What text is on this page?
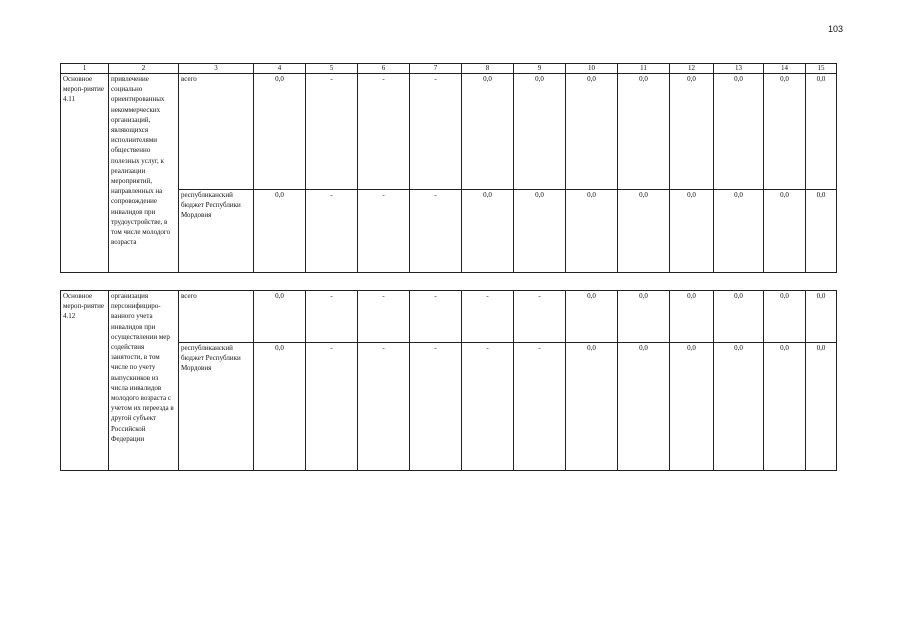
103
1	2	3	4	5	6	7	8	9	10	11	12	13	14	15
Основное мероп-риятие 4.11	привлечение социально ориентированных некоммерческих организаций, являющихся исполнителями общественно полезных услуг, к реализации мероприятий, направленных на сопровождение инвалидов при трудоустройстве, в том числе молодого возраста	всего	0,0	-	-	-	0,0	0,0	0,0	0,0	0,0	0,0	0,0	0,0
		республиканский бюджет Республики Мордовия	0,0	-	-	-	0,0	0,0	0,0	0,0	0,0	0,0	0,0	0,0

Основное мероп-риятие 4.12	организация персонифициро-ванного учета инвалидов при осуществлении мер содействия занятости, в том числе по учету выпускников из числа инвалидов молодого возраста с учетом их переезда в другой субъект Российской Федерации	всего	0,0	-	-	-	-	-	0,0	0,0	0,0	0,0	0,0	0,0
		республиканский бюджет Республики Мордовия	0,0	-	-	-	-	-	0,0	0,0	0,0	0,0	0,0	0,0
